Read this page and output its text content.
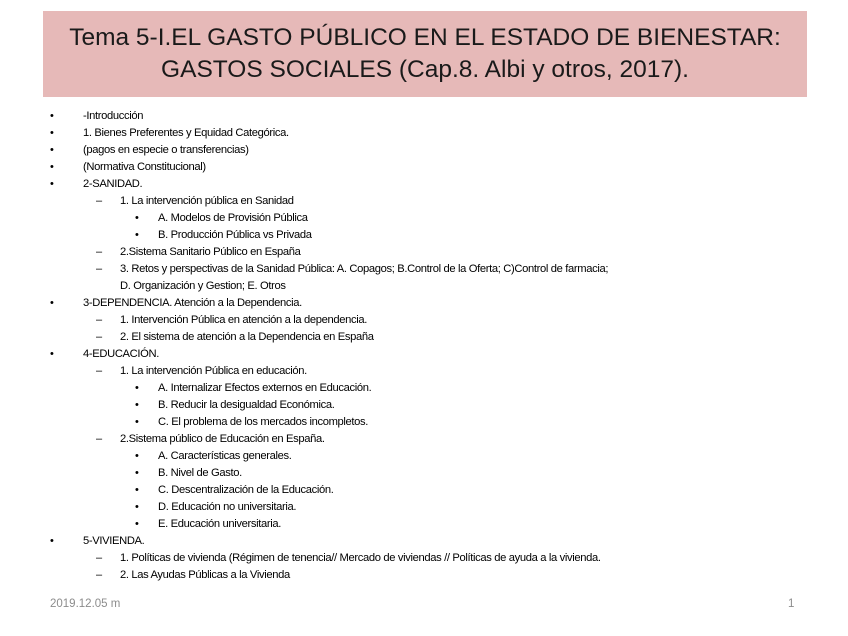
Tema 5-I.EL GASTO PÚBLICO EN EL ESTADO DE BIENESTAR:
GASTOS SOCIALES (Cap.8. Albi y otros, 2017).
•	-Introducción
•	1. Bienes Preferentes y Equidad Categórica.
•	(pagos en especie o transferencias)
•	(Normativa Constitucional)
•	2-SANIDAD.
– 1. La intervención pública en Sanidad
• A. Modelos de Provisión Pública
• B. Producción Pública vs Privada
– 2.Sistema Sanitario Público en España
– 3. Retos y perspectivas de la Sanidad Pública: A. Copagos; B.Control de la Oferta; C)Control de farmacia;
D. Organización y Gestion; E. Otros
•	3-DEPENDENCIA. Atención a la Dependencia.
– 1. Intervención Pública en atención a la dependencia.
– 2. El sistema de atención a la Dependencia en España
•	4-EDUCACIÓN.
– 1. La intervención Pública en educación.
• A. Internalizar Efectos externos en Educación.
• B. Reducir la desigualdad Económica.
• C. El problema de los mercados incompletos.
– 2.Sistema público de Educación en España.
• A. Características generales.
• B. Nivel de Gasto.
• C. Descentralización de la Educación.
• D. Educación no universitaria.
• E. Educación universitaria.
•	5-VIVIENDA.
– 1. Políticas de vivienda (Régimen de tenencia// Mercado de viviendas // Políticas de ayuda a la vivienda.
– 2. Las Ayudas Públicas a la Vivienda
2019.12.05 m	1
